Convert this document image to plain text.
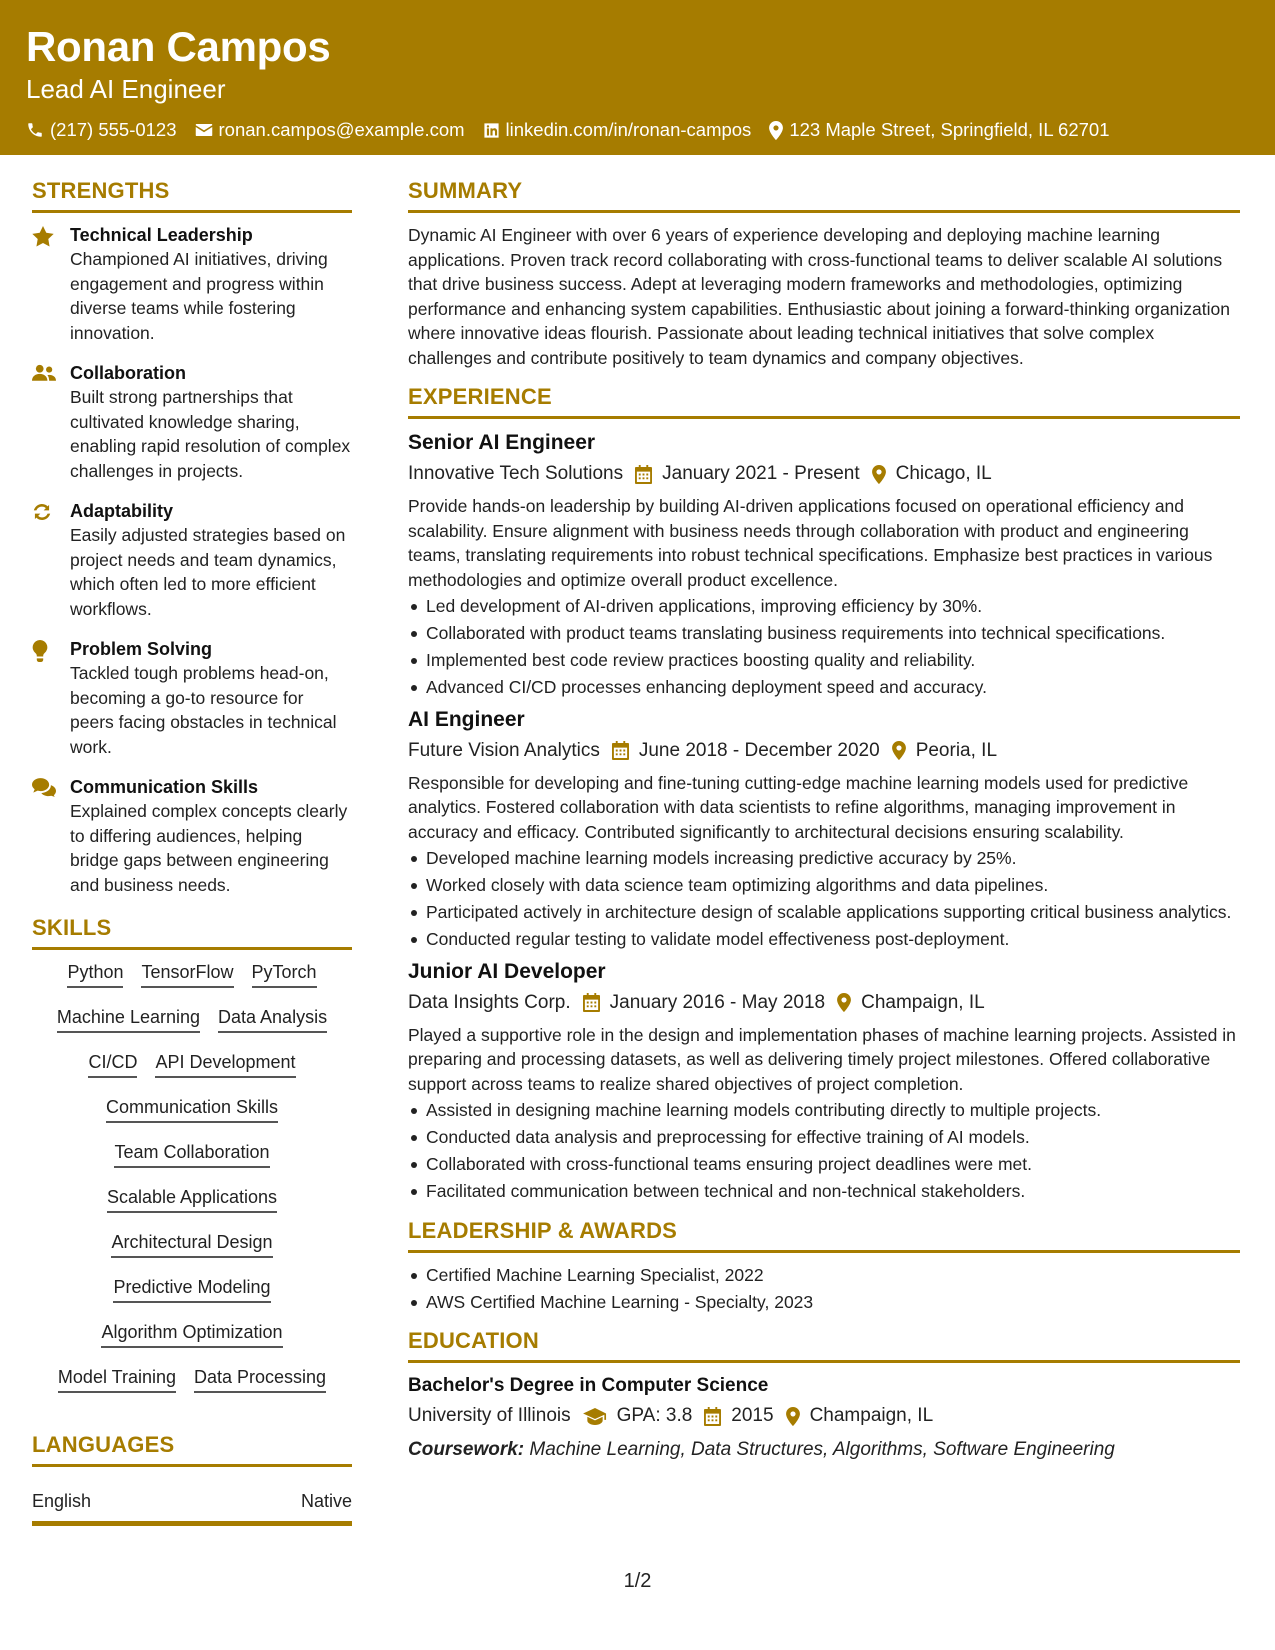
Ronan Campos
Lead AI Engineer
(217) 555-0123 ronan.campos@example.com linkedin.com/in/ronan-campos 123 Maple Street, Springfield, IL 62701
STRENGTHS
Technical Leadership
Championed AI initiatives, driving engagement and progress within diverse teams while fostering innovation.
Collaboration
Built strong partnerships that cultivated knowledge sharing, enabling rapid resolution of complex challenges in projects.
Adaptability
Easily adjusted strategies based on project needs and team dynamics, which often led to more efficient workflows.
Problem Solving
Tackled tough problems head-on, becoming a go-to resource for peers facing obstacles in technical work.
Communication Skills
Explained complex concepts clearly to differing audiences, helping bridge gaps between engineering and business needs.
SKILLS
Python TensorFlow PyTorch
Machine Learning Data Analysis
CI/CD API Development
Communication Skills
Team Collaboration
Scalable Applications
Architectural Design
Predictive Modeling
Algorithm Optimization
Model Training Data Processing
LANGUAGES
English	Native
SUMMARY
Dynamic AI Engineer with over 6 years of experience developing and deploying machine learning applications. Proven track record collaborating with cross-functional teams to deliver scalable AI solutions that drive business success. Adept at leveraging modern frameworks and methodologies, optimizing performance and enhancing system capabilities. Enthusiastic about joining a forward-thinking organization where innovative ideas flourish. Passionate about leading technical initiatives that solve complex challenges and contribute positively to team dynamics and company objectives.
EXPERIENCE
Senior AI Engineer
Innovative Tech Solutions January 2021 - Present Chicago, IL
Provide hands-on leadership by building AI-driven applications focused on operational efficiency and scalability. Ensure alignment with business needs through collaboration with product and engineering teams, translating requirements into robust technical specifications. Emphasize best practices in various methodologies and optimize overall product excellence.
Led development of AI-driven applications, improving efficiency by 30%.
Collaborated with product teams translating business requirements into technical specifications.
Implemented best code review practices boosting quality and reliability.
Advanced CI/CD processes enhancing deployment speed and accuracy.
AI Engineer
Future Vision Analytics June 2018 - December 2020 Peoria, IL
Responsible for developing and fine-tuning cutting-edge machine learning models used for predictive analytics. Fostered collaboration with data scientists to refine algorithms, managing improvement in accuracy and efficacy. Contributed significantly to architectural decisions ensuring scalability.
Developed machine learning models increasing predictive accuracy by 25%.
Worked closely with data science team optimizing algorithms and data pipelines.
Participated actively in architecture design of scalable applications supporting critical business analytics.
Conducted regular testing to validate model effectiveness post-deployment.
Junior AI Developer
Data Insights Corp. January 2016 - May 2018 Champaign, IL
Played a supportive role in the design and implementation phases of machine learning projects. Assisted in preparing and processing datasets, as well as delivering timely project milestones. Offered collaborative support across teams to realize shared objectives of project completion.
Assisted in designing machine learning models contributing directly to multiple projects.
Conducted data analysis and preprocessing for effective training of AI models.
Collaborated with cross-functional teams ensuring project deadlines were met.
Facilitated communication between technical and non-technical stakeholders.
LEADERSHIP & AWARDS
Certified Machine Learning Specialist, 2022
AWS Certified Machine Learning - Specialty, 2023
EDUCATION
Bachelor's Degree in Computer Science
University of Illinois GPA: 3.8 2015 Champaign, IL
Coursework: Machine Learning, Data Structures, Algorithms, Software Engineering
1/2
